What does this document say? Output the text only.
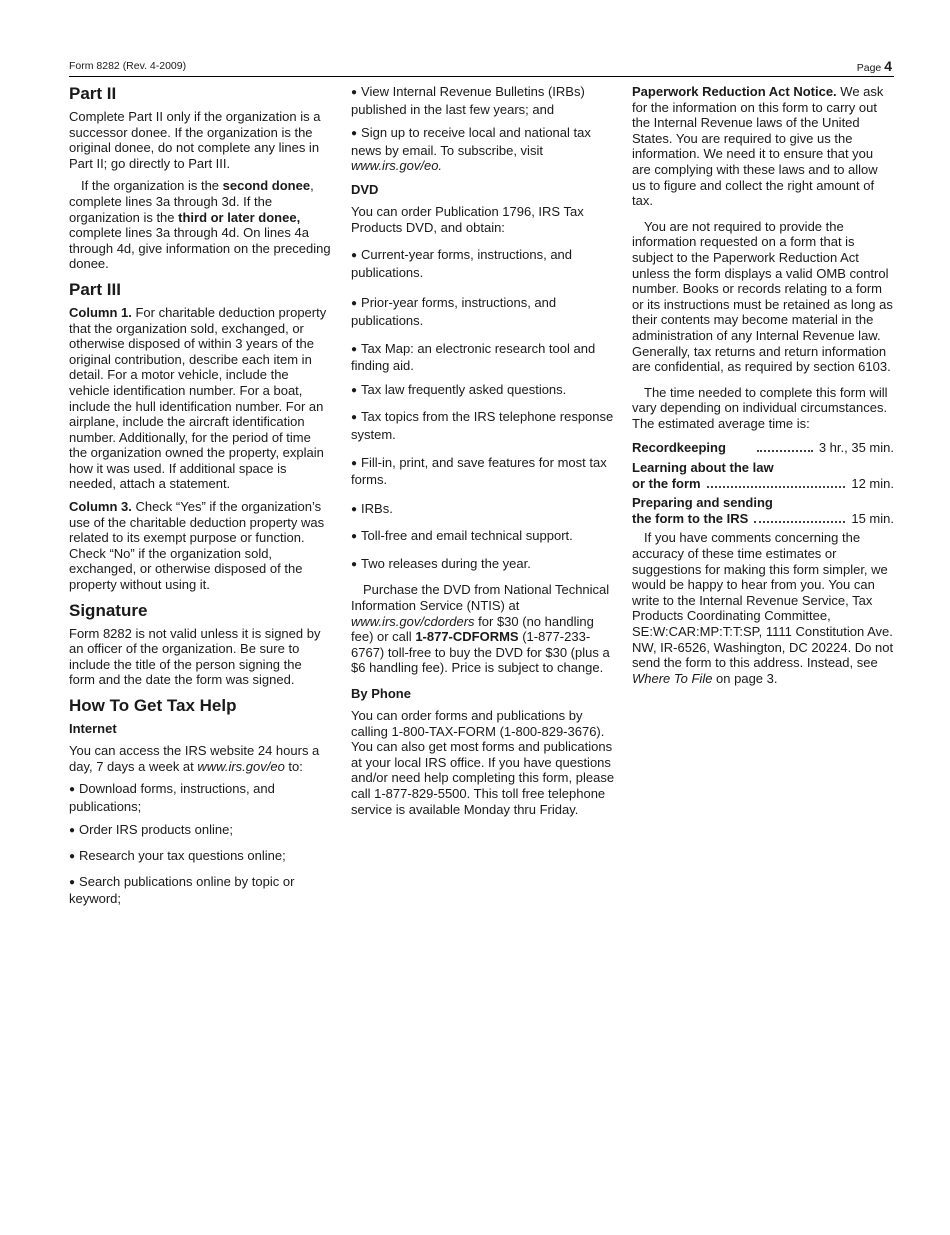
Form 8282 (Rev. 4-2009)	Page 4
Part II

Complete Part II only if the organization is a successor donee. If the organization is the original donee, do not complete any lines in Part II; go directly to Part III.

If the organization is the second donee, complete lines 3a through 3d. If the organization is the third or later donee, complete lines 3a through 4d. On lines 4a through 4d, give information on the preceding donee.

Part III

Column 1. For charitable deduction property that the organization sold, exchanged, or otherwise disposed of within 3 years of the original contribution, describe each item in detail. For a motor vehicle, include the vehicle identification number. For a boat, include the hull identification number. For an airplane, include the aircraft identification number. Additionally, for the period of time the organization owned the property, explain how it was used. If additional space is needed, attach a statement.

Column 3. Check “Yes” if the organization’s use of the charitable deduction property was related to its exempt purpose or function. Check “No” if the organization sold, exchanged, or otherwise disposed of the property without using it.

Signature

Form 8282 is not valid unless it is signed by an officer of the organization. Be sure to include the title of the person signing the form and the date the form was signed.

How To Get Tax Help
Internet

You can access the IRS website 24 hours a day, 7 days a week at www.irs.gov/eo to:

● Download forms, instructions, and publications;
● Order IRS products online;
● Research your tax questions online;
● Search publications online by topic or keyword;
● View Internal Revenue Bulletins (IRBs) published in the last few years; and
● Sign up to receive local and national tax news by email. To subscribe, visit www.irs.gov/eo.
DVD

You can order Publication 1796, IRS Tax Products DVD, and obtain:

● Current-year forms, instructions, and publications.
● Prior-year forms, instructions, and publications.
● Tax Map: an electronic research tool and finding aid.
● Tax law frequently asked questions.
● Tax topics from the IRS telephone response system.
● Fill-in, print, and save features for most tax forms.
● IRBs.
● Toll-free and email technical support.
● Two releases during the year.

Purchase the DVD from National Technical Information Service (NTIS) at www.irs.gov/cdorders for $30 (no handling fee) or call 1-877-CDFORMS (1-877-233-6767) toll-free to buy the DVD for $30 (plus a $6 handling fee). Price is subject to change.

By Phone

You can order forms and publications by calling 1-800-TAX-FORM (1-800-829-3676). You can also get most forms and publications at your local IRS office. If you have questions and/or need help completing this form, please call 1-877-829-5500. This toll free telephone service is available Monday thru Friday.

Paperwork Reduction Act Notice. We ask for the information on this form to carry out the Internal Revenue laws of the United States. You are required to give us the information. We need it to ensure that you are complying with these laws and to allow us to figure and collect the right amount of tax.

You are not required to provide the information requested on a form that is subject to the Paperwork Reduction Act unless the form displays a valid OMB control number. Books or records relating to a form or its instructions must be retained as long as their contents may become material in the administration of any Internal Revenue law. Generally, tax returns and return information are confidential, as required by section 6103.

The time needed to complete this form will vary depending on individual circumstances. The estimated average time is:

Recordkeeping	3 hr., 35 min.
Learning about the law
or the form	12 min.
Preparing and sending
the form to the IRS	15 min.

If you have comments concerning the accuracy of these time estimates or suggestions for making this form simpler, we would be happy to hear from you. You can write to the Internal Revenue Service, Tax Products Coordinating Committee, SE:W:CAR:MP:T:T:SP, 1111 Constitution Ave. NW, IR-6526, Washington, DC 20224. Do not send the form to this address. Instead, see Where To File on page 3.
